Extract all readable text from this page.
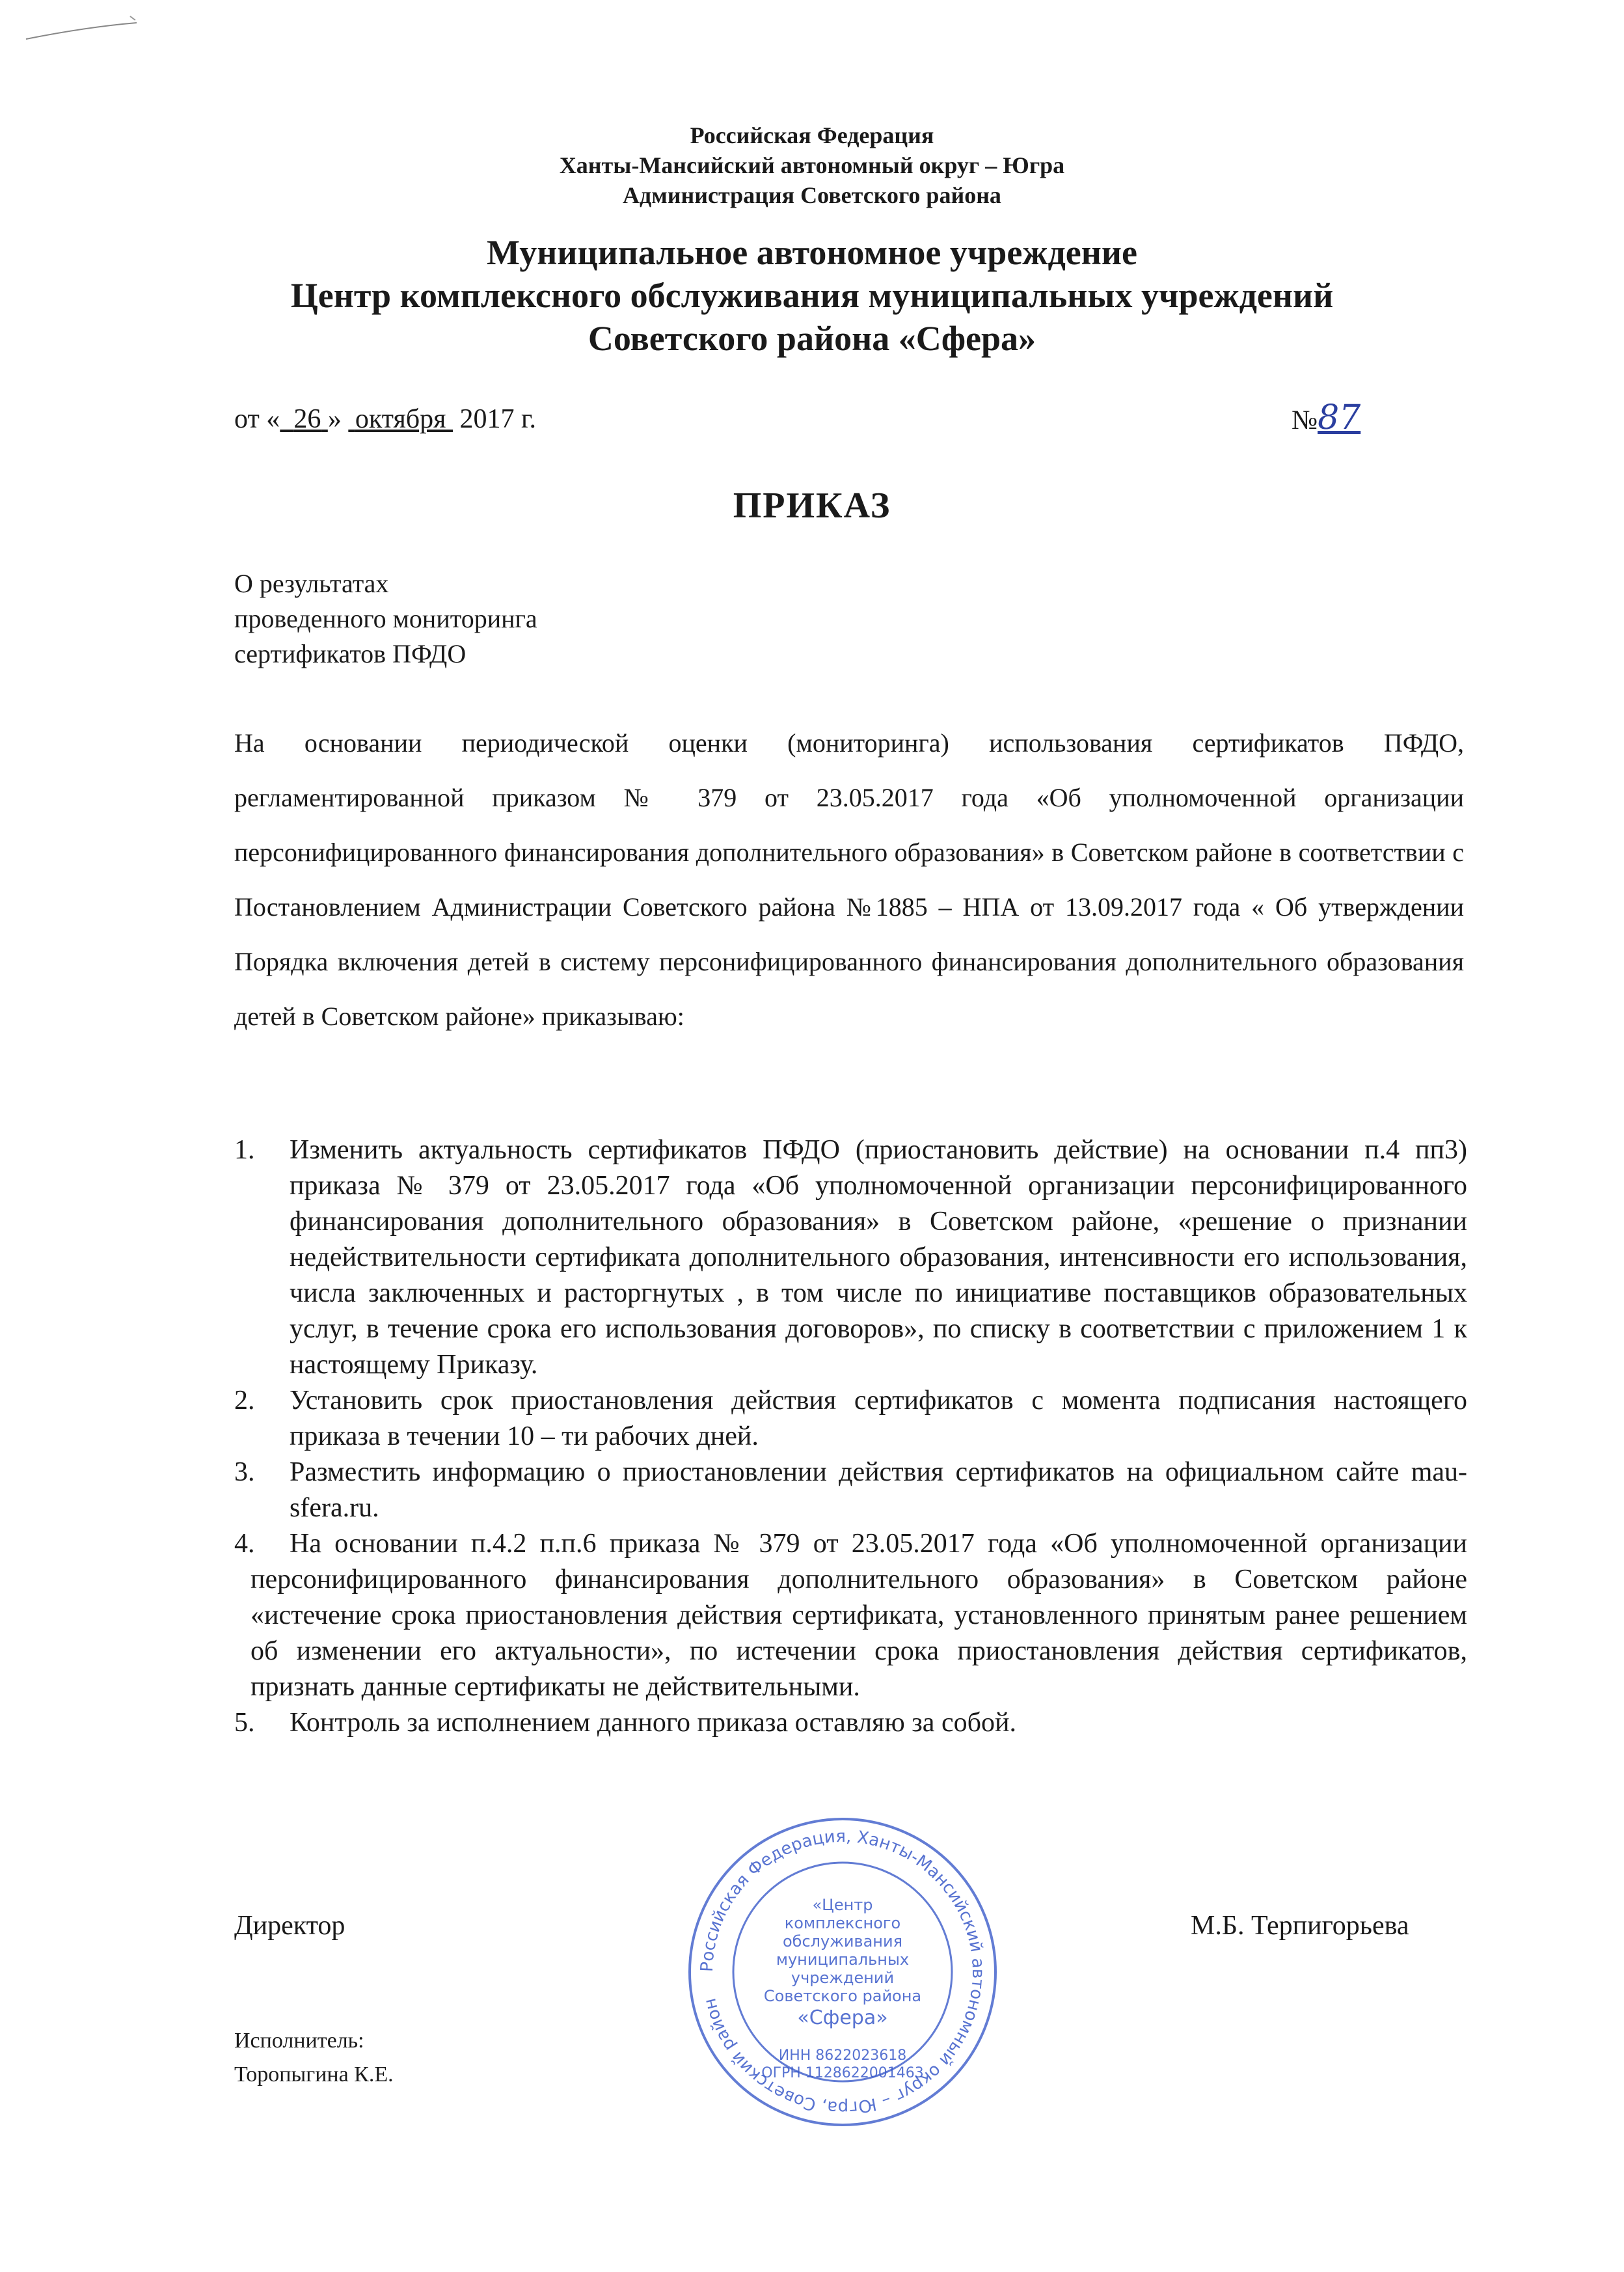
Российская Федерация
Ханты-Мансийский автономный округ – Югра
Администрация Советского района
Муниципальное автономное учреждение
Центр комплексного обслуживания муниципальных учреждений
Советского района «Сфера»
от « 26 » октября 2017 г.	№87
ПРИКАЗ
О результатах
проведенного мониторинга
сертификатов ПФДО
На основании периодической оценки (мониторинга) использования сертификатов ПФДО, регламентированной приказом № 379 от 23.05.2017 года «Об уполномоченной организации персонифицированного финансирования дополнительного образования» в Советском районе в соответствии с Постановлением Администрации Советского района №1885 – НПА от 13.09.2017 года « Об утверждении Порядка включения детей в систему персонифицированного финансирования дополнительного образования детей в Советском районе» приказываю:
1. Изменить актуальность сертификатов ПФДО (приостановить действие) на основании п.4 пп3) приказа № 379 от 23.05.2017 года «Об уполномоченной организации персонифицированного финансирования дополнительного образования» в Советском районе, «решение о признании недействительности сертификата дополнительного образования, интенсивности его использования, числа заключенных и расторгнутых , в том числе по инициативе поставщиков образовательных услуг, в течение срока его использования договоров», по списку в соответствии с приложением 1 к настоящему Приказу.
2. Установить срок приостановления действия сертификатов с момента подписания настоящего приказа в течении 10 – ти рабочих дней.
3. Разместить информацию о приостановлении действия сертификатов на официальном сайте mau-sfera.ru.
4. На основании п.4.2 п.п.6 приказа № 379 от 23.05.2017 года «Об уполномоченной организации персонифицированного финансирования дополнительного образования» в Советском районе «истечение срока приостановления действия сертификата, установленного принятым ранее решением об изменении его актуальности», по истечении срока приостановления действия сертификатов, признать данные сертификаты не действительными.
5. Контроль за исполнением данного приказа оставляю за собой.
Директор	М.Б. Терпигорьева
Российская Федерация, Ханты-Мансийский автономный округ – Югра, Советский район
«Центр
комплексного
обслуживания
муниципальных
учреждений
Советского района
«Сфера»
ИНН 8622023618
ОГРН 1128622001463
Исполнитель:
Торопыгина К.Е.
